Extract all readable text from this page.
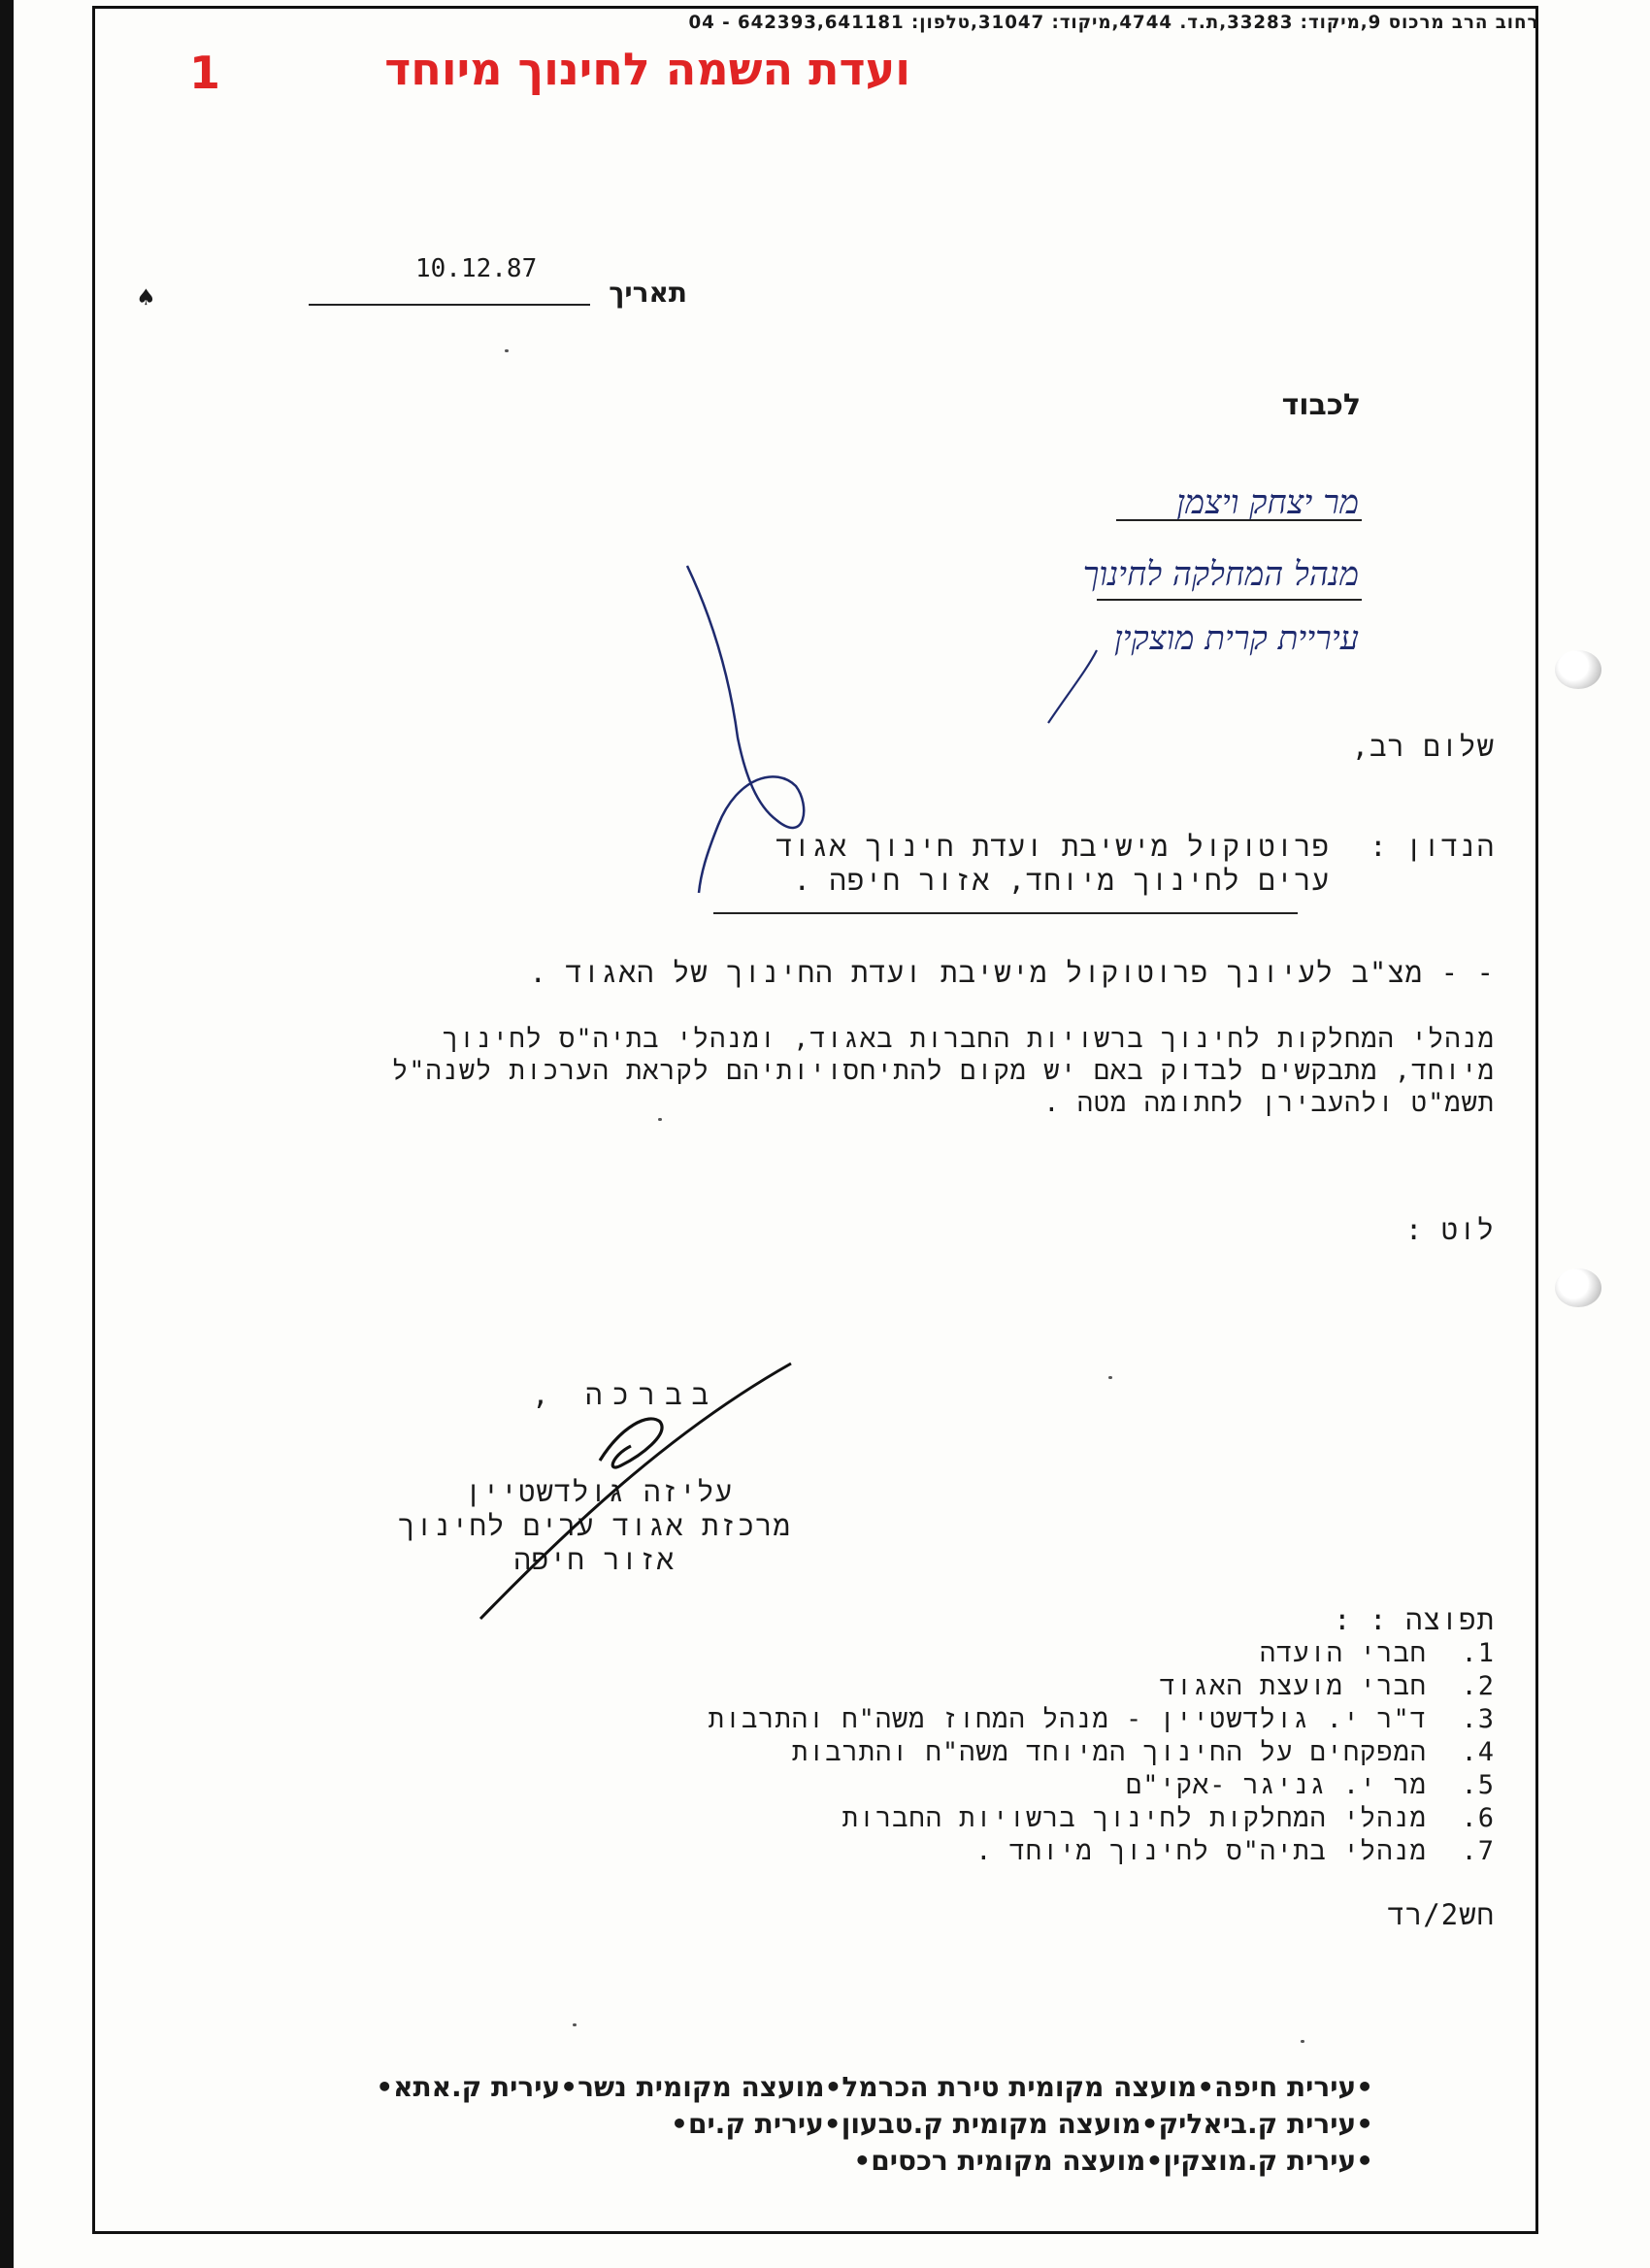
רחוב הרב מרכוס 9,מיקוד: 33283,ת.ד. 4744,מיקוד: 31047,טלפון: 642393,641181 - 04
ועדת השמה לחינוך מיוחד
1
10.12.87
תאריך
♠
לכבוד
מר יצחק ויצמן
מנהל המחלקה לחינוך
עיריית קרית מוצקין
שלום רב,
הנדון :
פרוטוקול מישיבת ועדת חינוך אגוד
ערים לחינוך מיוחד, אזור חיפה .
- - מצ"ב לעיונך פרוטוקול מישיבת ועדת החינוך של האגוד .
מנהלי המחלקות לחינוך ברשויות החברות באגוד, ומנהלי בתיה"ס לחינוך
מיוחד, מתבקשים לבדוק באם יש מקום להתיחסויותיהם לקראת הערכות לשנה"ל
תשמ"ט ולהעבירן לחתומה מטה .
לוט :
בברכה ,
עליזה גולדשטיין
מרכזת אגוד ערים לחינוך
אזור חיפה
תפוצה : :
1.חברי הועדה
2.חברי מועצת האגוד
3.ד"ר י. גולדשטיין - מנהל המחוז משה"ח והתרבות
4.המפקחים על החינוך המיוחד משה"ח והתרבות
5.מר י. גניגר -אקי"ם
6.מנהלי המחלקות לחינוך ברשויות החברות
7.מנהלי בתיה"ס לחינוך מיוחד .
חש2/רד
•עירית חיפה•מועצה מקומית טירת הכרמל•מועצה מקומית נשר•עירית ק.אתא•
•עירית ק.ביאליק•מועצה מקומית ק.טבעון•עירית ק.ים•
•עירית ק.מוצקין•מועצה מקומית רכסים•
